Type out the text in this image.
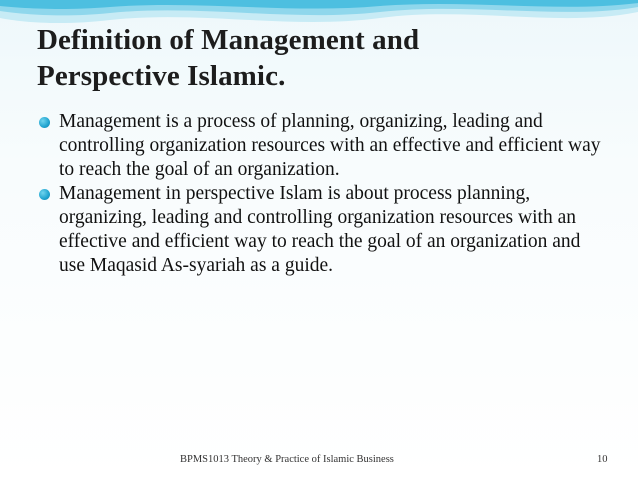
Definition of Management and
Perspective Islamic.
Management is a process of planning, organizing, leading and controlling organization resources with an effective and efficient way to reach the goal of an organization.
Management in perspective Islam is about process planning, organizing, leading and controlling organization resources with an effective and efficient way to reach the goal of an organization and use Maqasid As-syariah as a guide.
BPMS1013 Theory & Practice of Islamic Business	10
